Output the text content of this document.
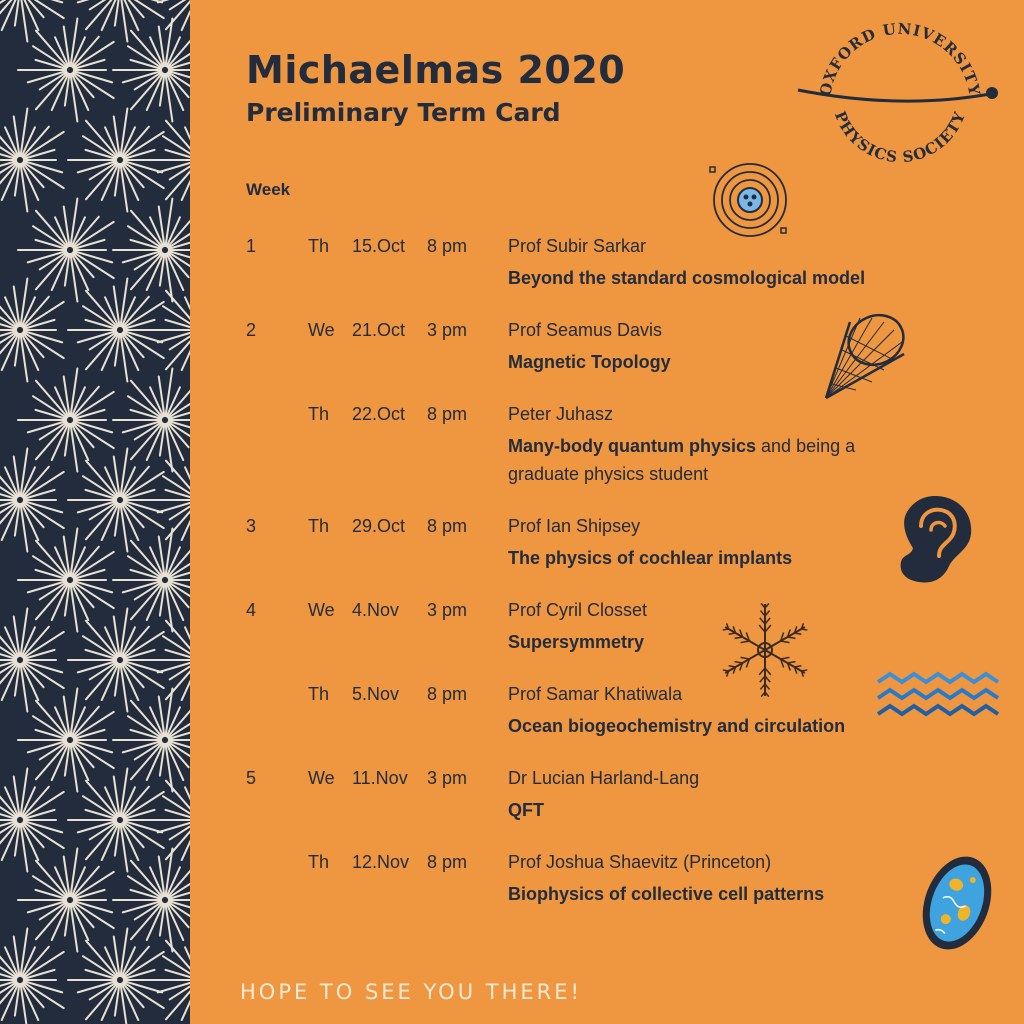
Michaelmas 2020
Preliminary Term Card
OXFORD UNIVERSITY
PHYSICS SOCIETY
Week
1	Th 15.Oct 8 pm Prof Subir Sarkar
Beyond the standard cosmological model
2	We 21.Oct 3 pm Prof Seamus Davis
Magnetic Topology
Th 22.Oct 8 pm Peter Juhasz
Many-body quantum physics and being a graduate physics student
3	Th 29.Oct 8 pm Prof Ian Shipsey
The physics of cochlear implants
4	We 4.Nov 3 pm Prof Cyril Closset
Supersymmetry
Th 5.Nov 8 pm Prof Samar Khatiwala
Ocean biogeochemistry and circulation
5	We 11.Nov 3 pm Dr Lucian Harland-Lang
QFT
Th 12.Nov 8 pm Prof Joshua Shaevitz (Princeton)
Biophysics of collective cell patterns
HOPE TO SEE YOU THERE!
